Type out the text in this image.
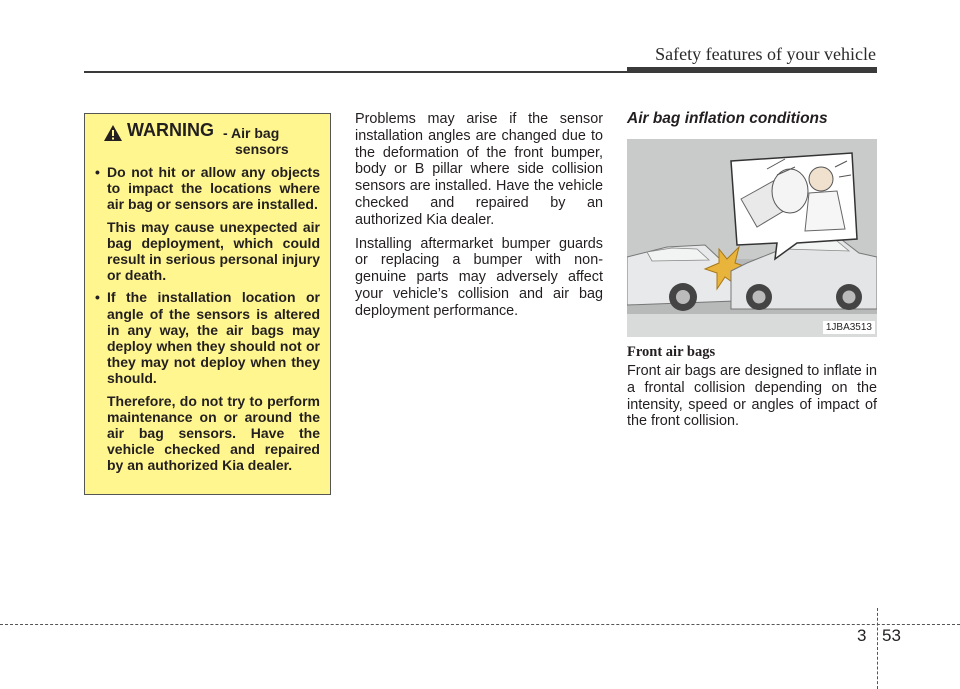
Safety features of your vehicle
WARNING - Air bag
sensors

• Do not hit or allow any objects to impact the locations where air bag or sensors are installed.

This may cause unexpected air bag deployment, which could result in serious personal injury or death.

• If the installation location or angle of the sensors is altered in any way, the air bags may deploy when they should not or they may not deploy when they should.

Therefore, do not try to perform maintenance on or around the air bag sensors. Have the vehicle checked and repaired by an authorized Kia dealer.

Problems may arise if the sensor installation angles are changed due to the deformation of the front bumper, body or B pillar where side collision sensors are installed. Have the vehicle checked and repaired by an authorized Kia dealer.

Installing aftermarket bumper guards or replacing a bumper with non-genuine parts may adversely affect your vehicle’s collision and air bag deployment performance.

Air bag inflation conditions
1JBA3513
Front air bags

Front air bags are designed to inflate in a frontal collision depending on the intensity, speed or angles of impact of the front collision.

3 53
